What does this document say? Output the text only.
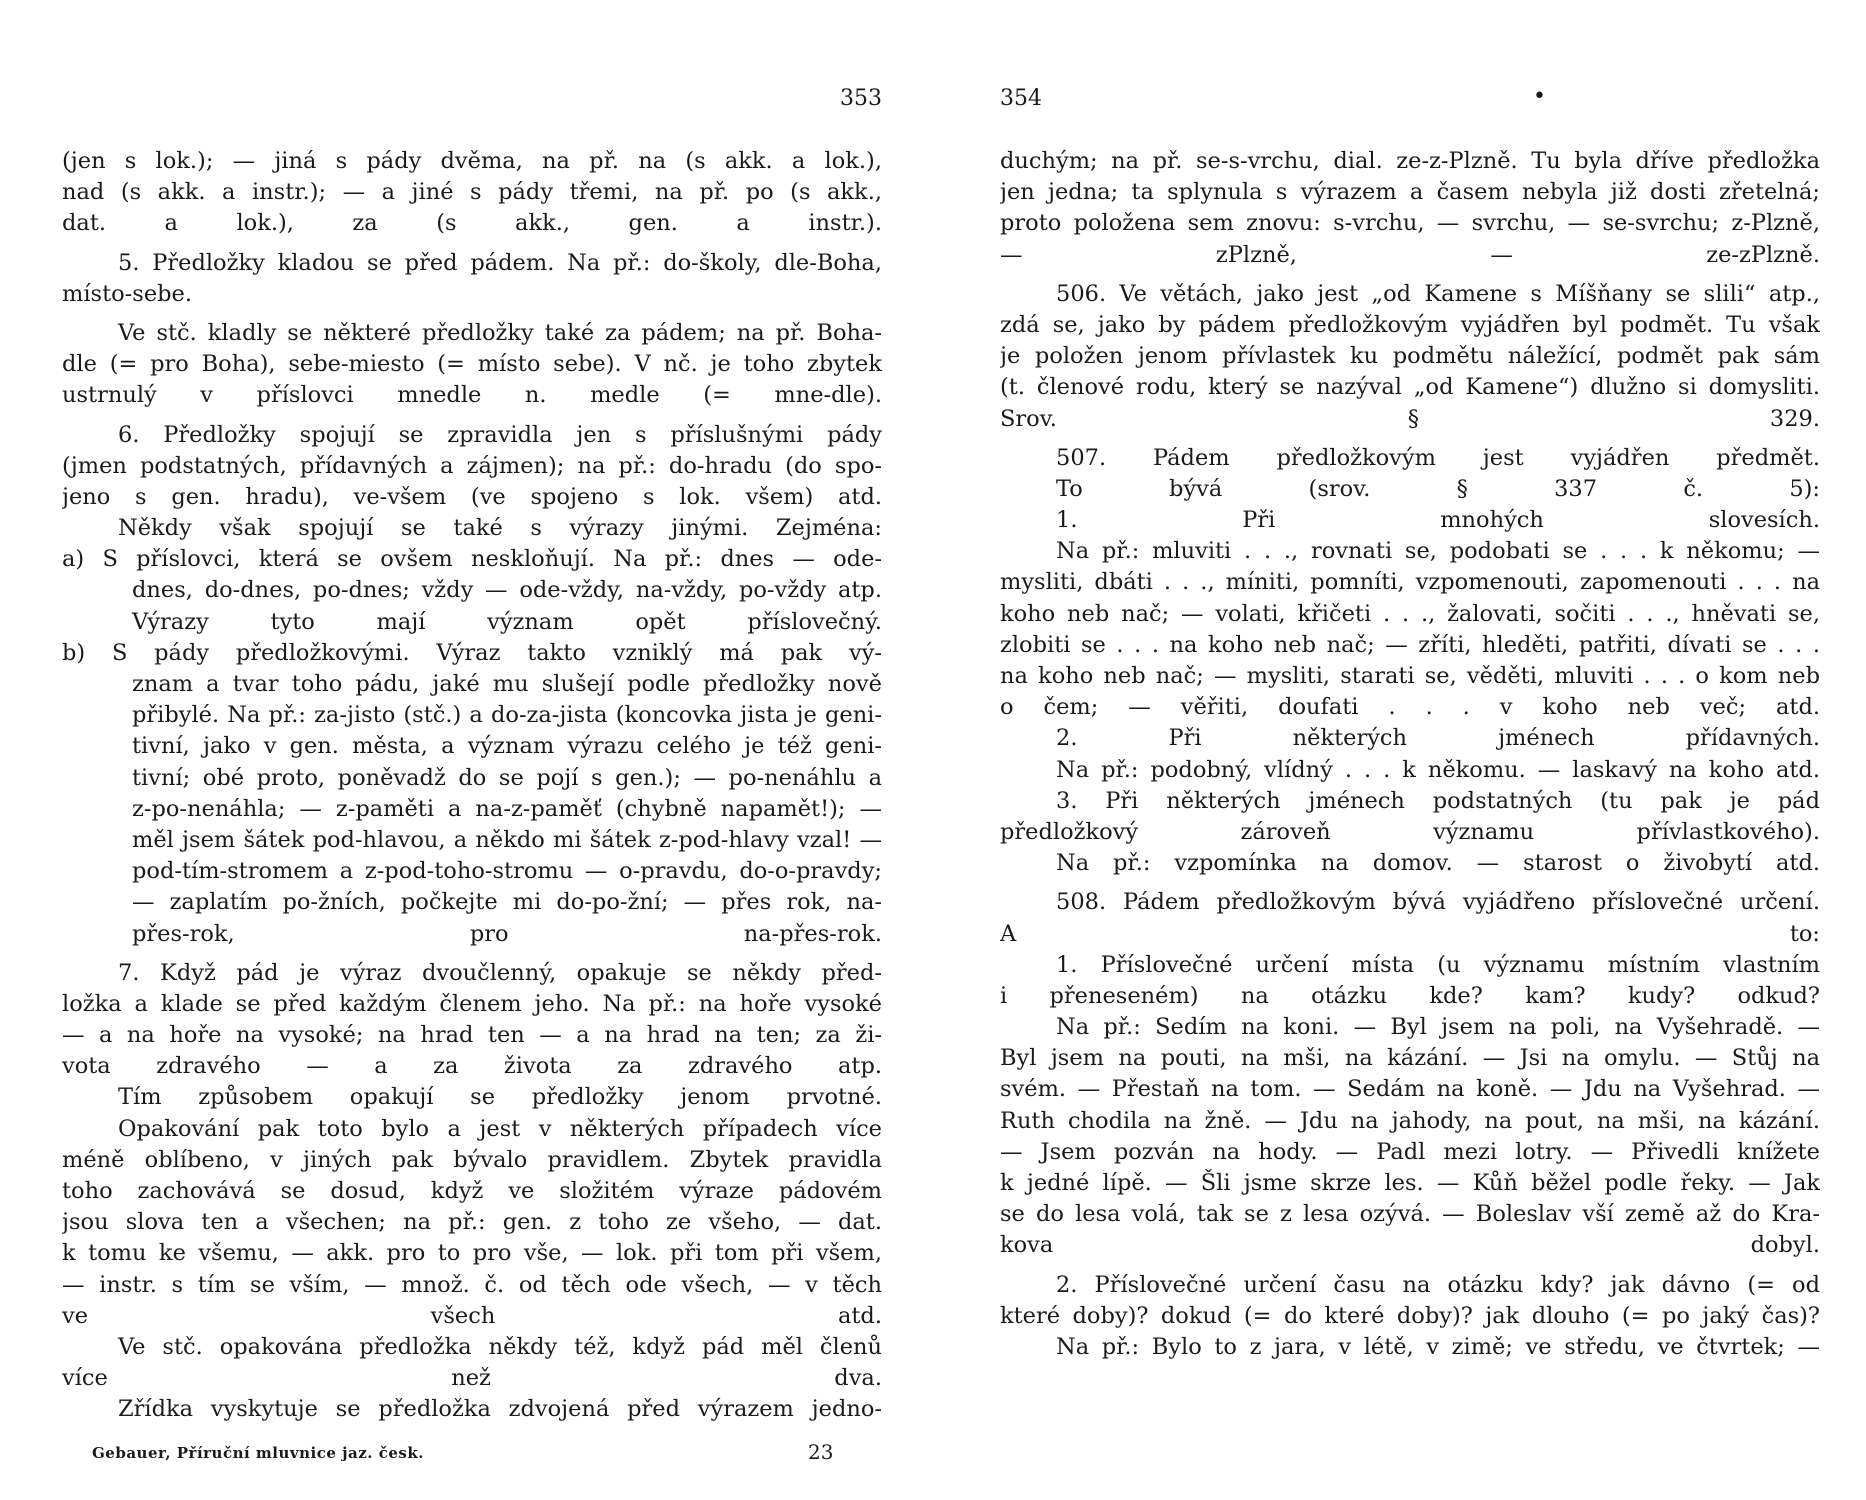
353
(jen s lok.); — jiná s pády dvěma, na př. na (s akk. a lok.),
nad (s akk. a instr.); — a jiné s pády třemi, na př. po (s akk.,
dat. a lok.), za (s akk., gen. a instr.).
5. Předložky kladou se před pádem. Na př.: do-školy, dle-Boha,
místo-sebe.
Ve stč. kladly se některé předložky také za pádem; na př. Boha-
dle (= pro Boha), sebe-miesto (= místo sebe). V nč. je toho zbytek
ustrnulý v příslovci mnedle n. medle (= mne-dle).
6. Předložky spojují se zpravidla jen s příslušnými pády
(jmen podstatných, přídavných a zájmen); na př.: do-hradu (do spo-
jeno s gen. hradu), ve-všem (ve spojeno s lok. všem) atd.
Někdy však spojují se také s výrazy jinými. Zejména:
a) S příslovci, která se ovšem neskloňují. Na př.: dnes — ode-
dnes, do-dnes, po-dnes; vždy — ode-vždy, na-vždy, po-vždy atp.
Výrazy tyto mají význam opět příslovečný.
b) S pády předložkovými. Výraz takto vzniklý má pak vý-
znam a tvar toho pádu, jaké mu slušejí podle předložky nově
přibylé. Na př.: za-jisto (stč.) a do-za-jista (koncovka jista je geni-
tivní, jako v gen. města, a význam výrazu celého je též geni-
tivní; obé proto, poněvadž do se pojí s gen.); — po-nenáhlu a
z-po-nenáhla; — z-paměti a na-z-paměť (chybně napamět!); —
měl jsem šátek pod-hlavou, a někdo mi šátek z-pod-hlavy vzal! —
pod-tím-stromem a z-pod-toho-stromu — o-pravdu, do-o-pravdy;
— zaplatím po-žních, počkejte mi do-po-žní; — přes rok, na-
přes-rok, pro na-přes-rok.
7. Když pád je výraz dvoučlenný, opakuje se někdy před-
ložka a klade se před každým členem jeho. Na př.: na hoře vysoké
— a na hoře na vysoké; na hrad ten — a na hrad na ten; za ži-
vota zdravého — a za života za zdravého atp.
Tím způsobem opakují se předložky jenom prvotné.
Opakování pak toto bylo a jest v některých případech více
méně oblíbeno, v jiných pak bývalo pravidlem. Zbytek pravidla
toho zachovává se dosud, když ve složitém výraze pádovém
jsou slova ten a všechen; na př.: gen. z toho ze všeho, — dat.
k tomu ke všemu, — akk. pro to pro vše, — lok. při tom při všem,
— instr. s tím se vším, — množ. č. od těch ode všech, — v těch
ve všech atd.
Ve stč. opakována předložka někdy též, když pád měl členů
více než dva.
Zřídka vyskytuje se předložka zdvojená před výrazem jedno-
Gebauer, Příruční mluvnice jaz. česk.	23
354	•
duchým; na př. se-s-vrchu, dial. ze-z-Plzně. Tu byla dříve předložka
jen jedna; ta splynula s výrazem a časem nebyla již dosti zřetelná;
proto položena sem znovu: s-vrchu, — svrchu, — se-svrchu; z-Plzně,
— zPlzně, — ze-zPlzně.
506. Ve větách, jako jest „od Kamene s Míšňany se slili“ atp.,
zdá se, jako by pádem předložkovým vyjádřen byl podmět. Tu však
je položen jenom přívlastek ku podmětu náležící, podmět pak sám
(t. členové rodu, který se nazýval „od Kamene“) dlužno si domysliti.
Srov. § 329.
507. Pádem předložkovým jest vyjádřen předmět.
To bývá (srov. § 337 č. 5):
1. Při mnohých slovesích.
Na př.: mluviti . . ., rovnati se, podobati se . . . k někomu; —
mysliti, dbáti . . ., míniti, pomníti, vzpomenouti, zapomenouti . . . na
koho neb nač; — volati, křičeti . . ., žalovati, sočiti . . ., hněvati se,
zlobiti se . . . na koho neb nač; — zříti, hleděti, patřiti, dívati se . . .
na koho neb nač; — mysliti, starati se, věděti, mluviti . . . o kom neb
o čem; — věřiti, doufati . . . v koho neb več; atd.
2. Při některých jménech přídavných.
Na př.: podobný, vlídný . . . k někomu. — laskavý na koho atd.
3. Při některých jménech podstatných (tu pak je pád
předložkový zároveň významu přívlastkového).
Na př.: vzpomínka na domov. — starost o živobytí atd.
508. Pádem předložkovým bývá vyjádřeno příslovečné určení.
A to:
1. Příslovečné určení místa (u významu místním vlastním
i přeneseném) na otázku kde? kam? kudy? odkud?
Na př.: Sedím na koni. — Byl jsem na poli, na Vyšehradě. —
Byl jsem na pouti, na mši, na kázání. — Jsi na omylu. — Stůj na
svém. — Přestaň na tom. — Sedám na koně. — Jdu na Vyšehrad. —
Ruth chodila na žně. — Jdu na jahody, na pout, na mši, na kázání.
— Jsem pozván na hody. — Padl mezi lotry. — Přivedli knížete
k jedné lípě. — Šli jsme skrze les. — Kůň běžel podle řeky. — Jak
se do lesa volá, tak se z lesa ozývá. — Boleslav vší země až do Kra-
kova dobyl.
2. Příslovečné určení času na otázku kdy? jak dávno (= od
které doby)? dokud (= do které doby)? jak dlouho (= po jaký čas)?
Na př.: Bylo to z jara, v létě, v zimě; ve středu, ve čtvrtek; —
